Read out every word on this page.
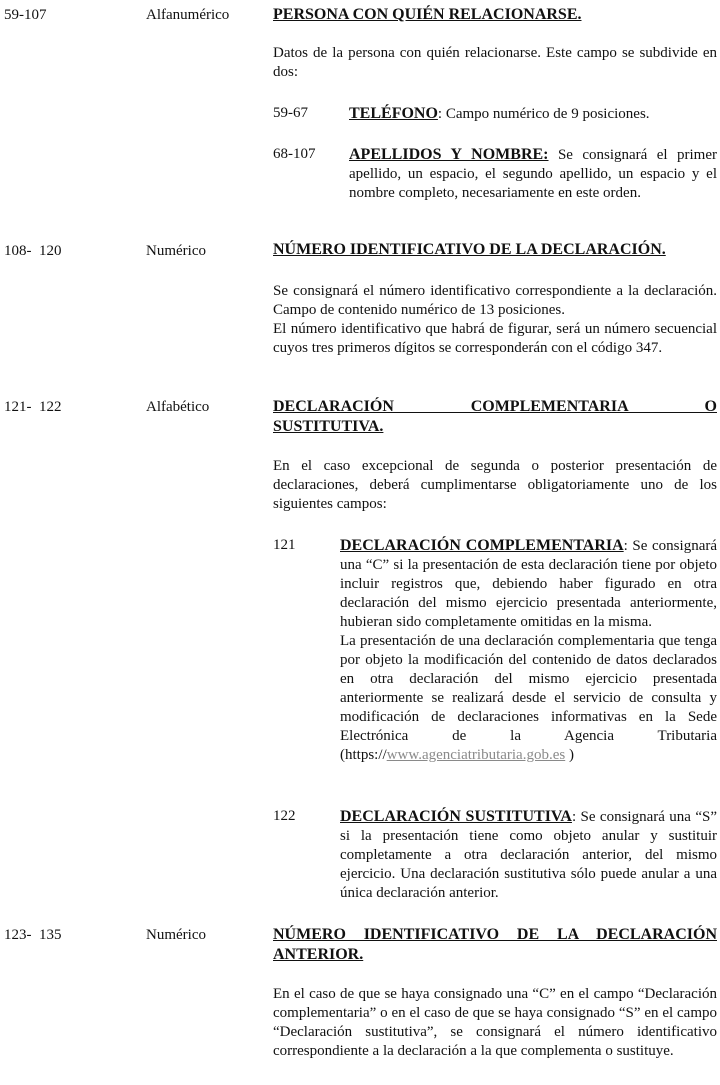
59-107	Alfanumérico	PERSONA CON QUIÉN RELACIONARSE.
Datos de la persona con quién relacionarse. Este campo se subdivide en dos:
59-67	TELÉFONO: Campo numérico de 9 posiciones.
68-107 APELLIDOS Y NOMBRE: Se consignará el primer apellido, un espacio, el segundo apellido, un espacio y el nombre completo, necesariamente en este orden.
108-  120	Numérico	NÚMERO IDENTIFICATIVO DE LA DECLARACIÓN.

Se consignará el número identificativo correspondiente a la declaración. Campo de contenido numérico de 13 posiciones.

El número identificativo que habrá de figurar, será un número secuencial cuyos tres primeros dígitos se corresponderán con el código 347.

121-  122	Alfabético	DECLARACIÓN COMPLEMENTARIA O
SUSTITUTIVA.
En el caso excepcional de segunda o posterior presentación de declaraciones, deberá cumplimentarse obligatoriamente uno de los siguientes campos:
121	DECLARACIÓN COMPLEMENTARIA: Se consignará una “C” si la presentación de esta declaración tiene por objeto incluir registros que, debiendo haber figurado en otra declaración del mismo ejercicio presentada anteriormente, hubieran sido completamente omitidas en la misma.

La presentación de una declaración complementaria que tenga por objeto la modificación del contenido de datos declarados en otra declaración del mismo ejercicio presentada anteriormente se realizará desde el servicio de consulta y modificación de declaraciones informativas en la Sede Electrónica de la Agencia Tributaria (https://www.agenciatributaria.gob.es )

122	DECLARACIÓN SUSTITUTIVA: Se consignará una “S” si la presentación tiene como objeto anular y sustituir completamente a otra declaración anterior, del mismo ejercicio. Una declaración sustitutiva sólo puede anular a una única declaración anterior.
123-  135	Numérico	NÚMERO IDENTIFICATIVO DE LA DECLARACIÓN ANTERIOR.
En el caso de que se haya consignado una “C” en el campo “Declaración complementaria” o en el caso de que se haya consignado “S” en el campo “Declaración sustitutiva”, se consignará el número identificativo correspondiente a la declaración a la que complementa o sustituye.
